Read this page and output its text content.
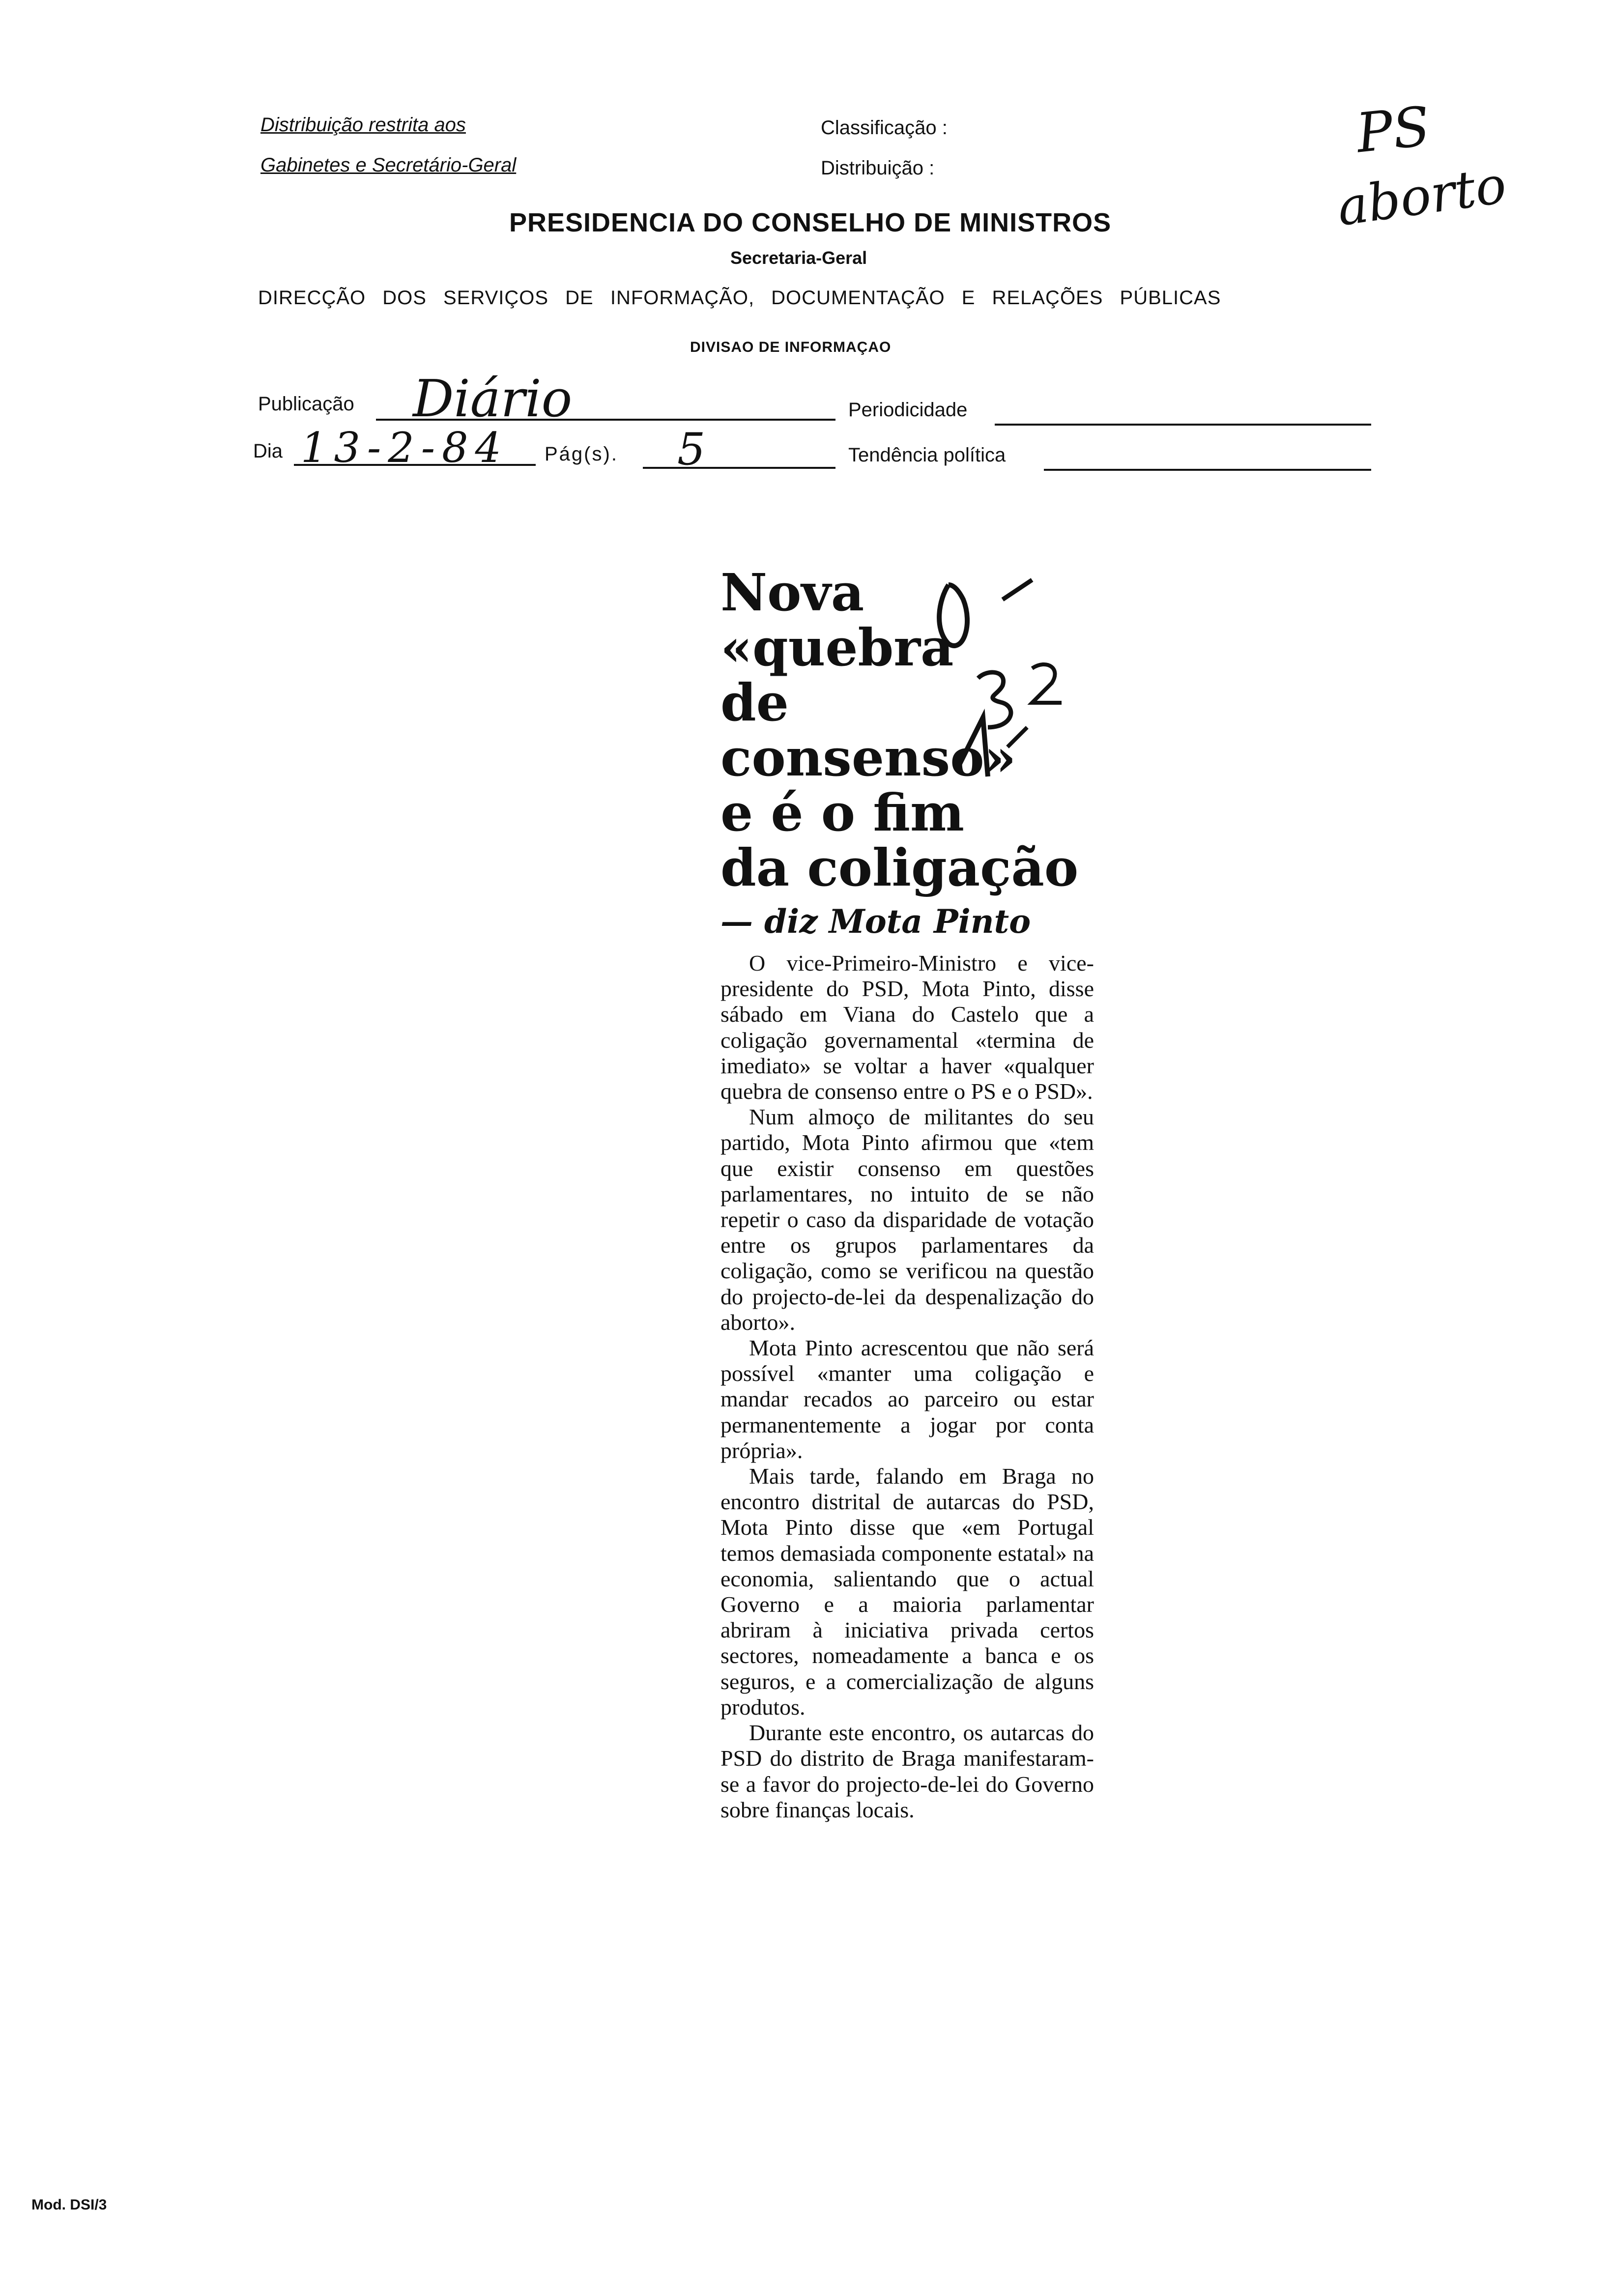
Distribuição restrita aos
Gabinetes e Secretário-Geral
Classificação :
Distribuição :
PRESIDENCIA DO CONSELHO DE MINISTROS
Secretaria-Geral
DIRECÇÃO DOS SERVIÇOS DE INFORMAÇÃO, DOCUMENTAÇÃO E RELAÇÕES PÚBLICAS
DIVISAO DE INFORMAÇAO
PS
aborto
Publicação Diário	Periodicidade
Dia 13-2-84 Pág(s). 5	Tendência política
Nova
«quebra
de consenso»
e é o fim
da coligação
— diz Mota Pinto

O vice-Primeiro-Ministro e vice-presidente do PSD, Mota Pinto, disse sábado em Viana do Castelo que a coligação governamental «termina de imediato» se voltar a haver «qualquer quebra de consenso entre o PS e o PSD».

Num almoço de militantes do seu partido, Mota Pinto afirmou que «tem que existir consenso em questões parlamentares, no intuito de se não repetir o caso da disparidade de votação entre os grupos parlamentares da coligação, como se verificou na questão do projecto-de-lei da despenalização do aborto».

Mota Pinto acrescentou que não será possível «manter uma coligação e mandar recados ao parceiro ou estar permanentemente a jogar por conta própria».

Mais tarde, falando em Braga no encontro distrital de autarcas do PSD, Mota Pinto disse que «em Portugal temos demasiada componente estatal» na economia, salientando que o actual Governo e a maioria parlamentar abriram à iniciativa privada certos sectores, nomeadamente a banca e os seguros, e a comercialização de alguns produtos.

Durante este encontro, os autarcas do PSD do distrito de Braga manifestaram-se a favor do projecto-de-lei do Governo sobre finanças locais.

Mod. DSI/3
